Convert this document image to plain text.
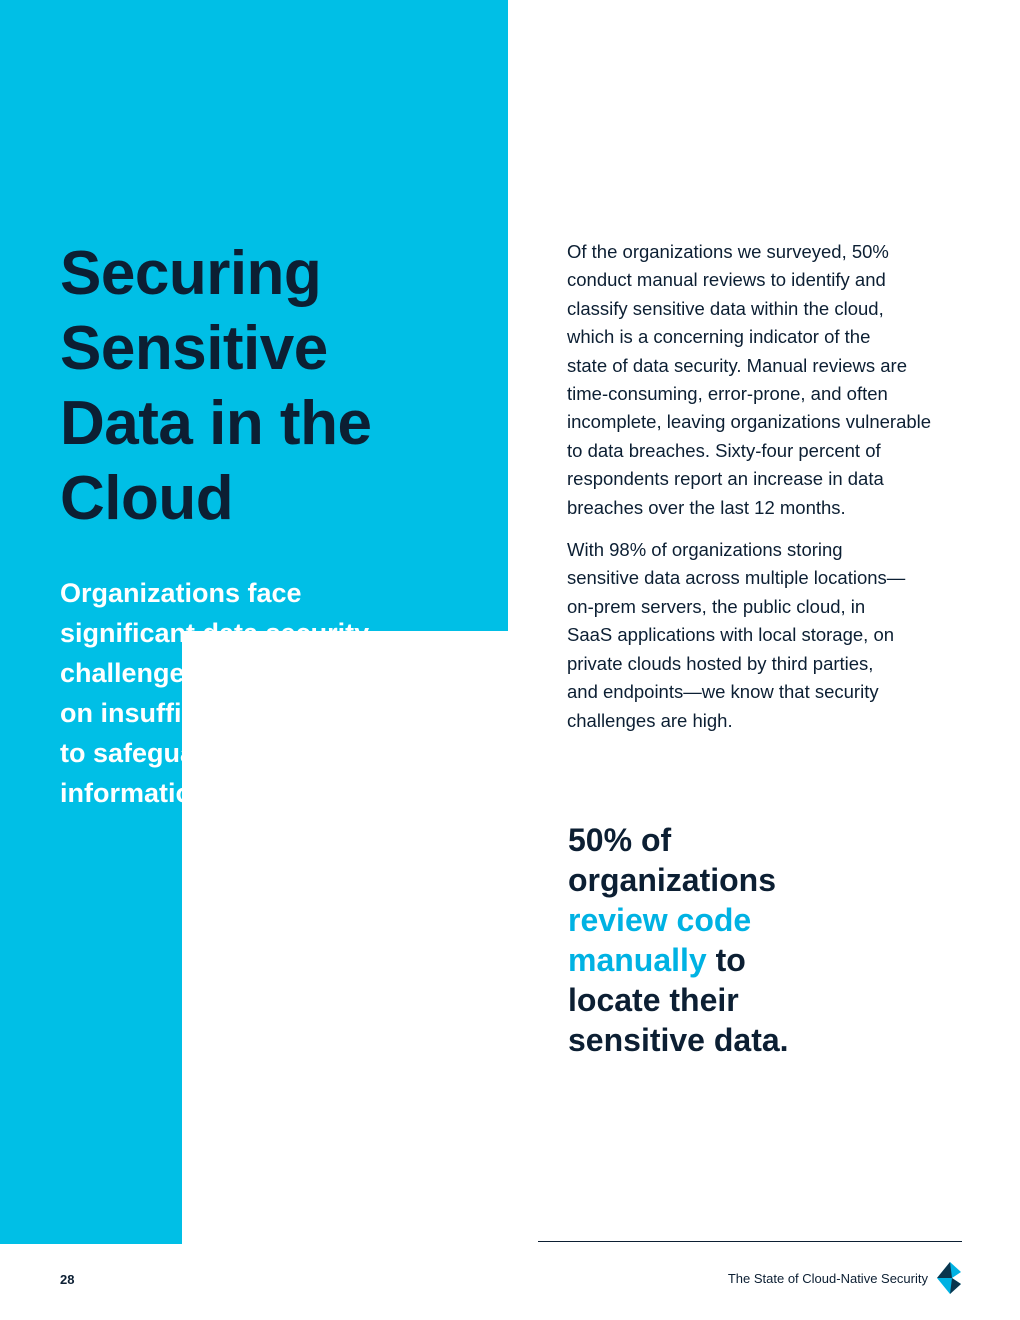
Securing
Sensitive
Data in the
Cloud
Organizations face
significant data security
challenges, with many relying
on insufficient methods
to safeguard sensitive
information.

Of the organizations we surveyed, 50%
conduct manual reviews to identify and
classify sensitive data within the cloud,
which is a concerning indicator of the
state of data security. Manual reviews are
time-consuming, error-prone, and often
incomplete, leaving organizations vulnerable
to data breaches. Sixty-four percent of
respondents report an increase in data
breaches over the last 12 months.

With 98% of organizations storing
sensitive data across multiple locations—
on-prem servers, the public cloud, in
SaaS applications with local storage, on
private clouds hosted by third parties,
and endpoints—we know that security
challenges are high.

50% of
organizations
review code
manually to
locate their
sensitive data.
28	The State of Cloud-Native Security
